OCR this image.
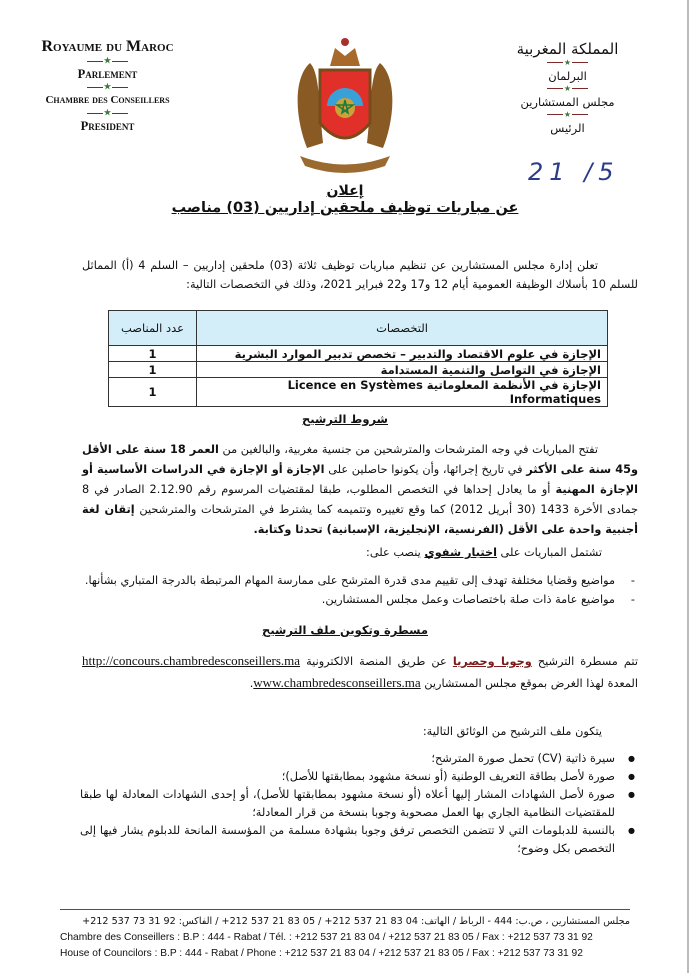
Royaume du Maroc
★
Parlement
★
Chambre des Conseillers
★
President
المملكة المغربية
★
البرلمان
★
مجلس المستشارين
★
الرئيس
21 /5
إعلان
عن مباريات توظيف ملحقين إداريين (03) مناصب
تعلن إدارة مجلس المستشارين عن تنظيم مباريات توظيف ثلاثة (03) ملحقين إداريين – السلم 4 (أ) المماثل للسلم 10 بأسلاك الوظيفة العمومية أيام 12 و17 و22 فبراير 2021، وذلك في التخصصات التالية:
التخصصات	عدد المناصب
الإجازة في علوم الاقتصاد والتدبير – تخصص تدبير الموارد البشرية	1
الإجازة في التواصل والتنمية المستدامة	1
الإجازة في الأنظمة المعلوماتية Licence en Systèmes Informatiques	1
شروط الترشيح
تفتح المباريات في وجه المترشحات والمترشحين من جنسية مغربية، والبالغين من العمر 18 سنة على الأقل و45 سنة على الأكثر في تاريخ إجرائها، وأن يكونوا حاصلين على الإجازة أو الإجازة في الدراسات الأساسية أو الإجازة المهنية أو ما يعادل إحداها في التخصص المطلوب، طبقا لمقتضيات المرسوم رقم 2.12.90 الصادر في 8 جمادى الأخرة 1433 (30 أبريل 2012) كما وقع تغييره وتتميمه كما يشترط في المترشحات والمترشحين إتقان لغة أجنبية واحدة على الأقل (الفرنسية، الإنجليزية، الإسبانية) تحدثا وكتابة.
تشتمل المباريات على اختبار شفوي ينصب على:
- مواضيع وقضايا مختلفة تهدف إلى تقييم مدى قدرة المترشح على ممارسة المهام المرتبطة بالدرجة المتباري بشأنها.
- مواضيع عامة ذات صلة باختصاصات وعمل مجلس المستشارين.
مسطرة وتكوين ملف الترشيح
تتم مسطرة الترشيح وجوبا وحصريا عن طريق المنصة الالكترونية http://concours.chambredesconseillers.ma المعدة لهذا الغرض بموقع مجلس المستشارين www.chambredesconseillers.ma.
يتكون ملف الترشيح من الوثائق التالية:
● سيرة ذاتية (CV) تحمل صورة المترشح؛
● صورة لأصل بطاقة التعريف الوطنية (أو نسخة مشهود بمطابقتها للأصل)؛
● صورة لأصل الشهادات المشار إليها أعلاه (أو نسخة مشهود بمطابقتها للأصل)، أو إحدى الشهادات المعادلة لها طبقا للمقتضيات النظامية الجاري بها العمل مصحوبة وجوبا بنسخة من قرار المعادلة؛
● بالنسبة للدبلومات التي لا تتضمن التخصص ترفق وجوبا بشهادة مسلمة من المؤسسة المانحة للدبلوم يشار فيها إلى التخصص بكل وضوح؛
مجلس المستشارين ، ص.ب: 444 - الرباط / الهاتف: 04 83 21 537 212+ / 05 83 21 537 212+ / الفاكس: 92 31 73 537 212+
Chambre des Conseillers : B.P : 444 - Rabat / Tél. : +212 537 21 83 04 / +212 537 21 83 05 / Fax : +212 537 73 31 92
House of Councilors : B.P : 444 - Rabat / Phone : +212 537 21 83 04 / +212 537 21 83 05 / Fax : +212 537 73 31 92
